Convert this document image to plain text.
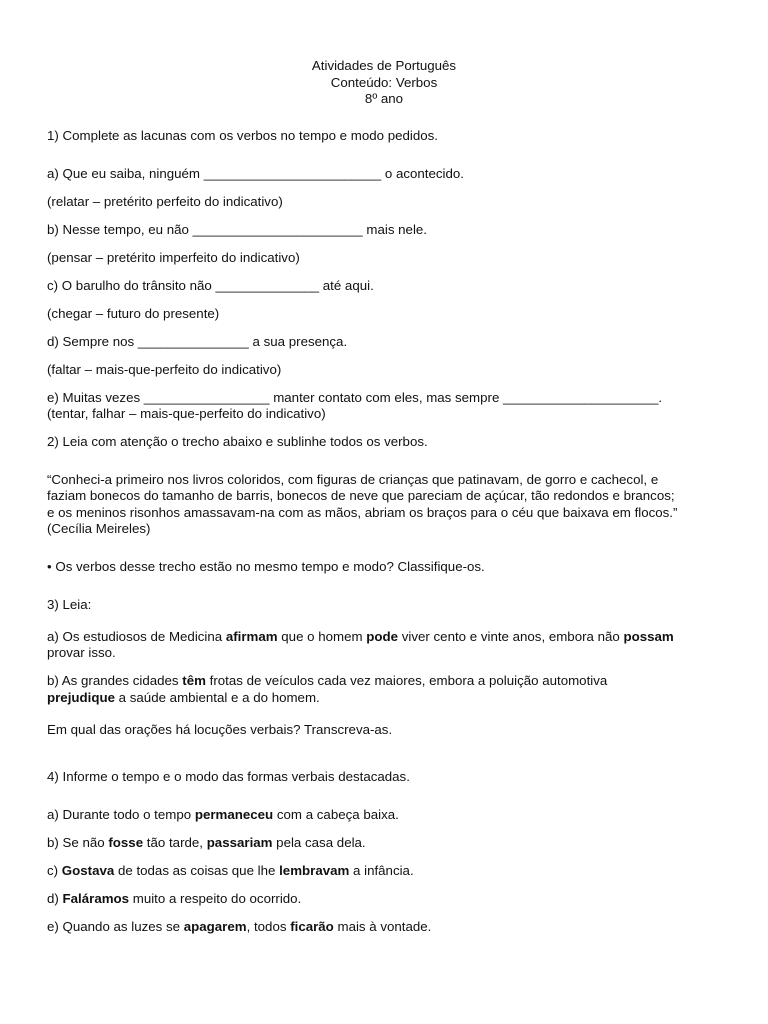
Atividades de Português
Conteúdo: Verbos
8º ano
1) Complete as lacunas com os verbos no tempo e modo pedidos.
a) Que eu saiba, ninguém ________________________ o acontecido.
(relatar – pretérito perfeito do indicativo)
b) Nesse tempo, eu não _______________________ mais nele.
(pensar – pretérito imperfeito do indicativo)
c) O barulho do trânsito não ______________ até aqui.
(chegar – futuro do presente)
d) Sempre nos _______________ a sua presença.
(faltar – mais-que-perfeito do indicativo)
e) Muitas vezes _________________ manter contato com eles, mas sempre _____________________.
(tentar, falhar – mais-que-perfeito do indicativo)
2) Leia com atenção o trecho abaixo e sublinhe todos os verbos.
“Conheci-a primeiro nos livros coloridos, com figuras de crianças que patinavam, de gorro e cachecol, e
faziam bonecos do tamanho de barris, bonecos de neve que pareciam de açúcar, tão redondos e brancos;
e os meninos risonhos amassavam-na com as mãos, abriam os braços para o céu que baixava em flocos.”
(Cecília Meireles)
• Os verbos desse trecho estão no mesmo tempo e modo? Classifique-os.
3) Leia:
a) Os estudiosos de Medicina afirmam que o homem pode viver cento e vinte anos, embora não possam
provar isso.
b) As grandes cidades têm frotas de veículos cada vez maiores, embora a poluição automotiva
prejudique a saúde ambiental e a do homem.
Em qual das orações há locuções verbais? Transcreva-as.
4) Informe o tempo e o modo das formas verbais destacadas.
a) Durante todo o tempo permaneceu com a cabeça baixa.
b) Se não fosse tão tarde, passariam pela casa dela.
c) Gostava de todas as coisas que lhe lembravam a infância.
d) Faláramos muito a respeito do ocorrido.
e) Quando as luzes se apagarem, todos ficarão mais à vontade.
